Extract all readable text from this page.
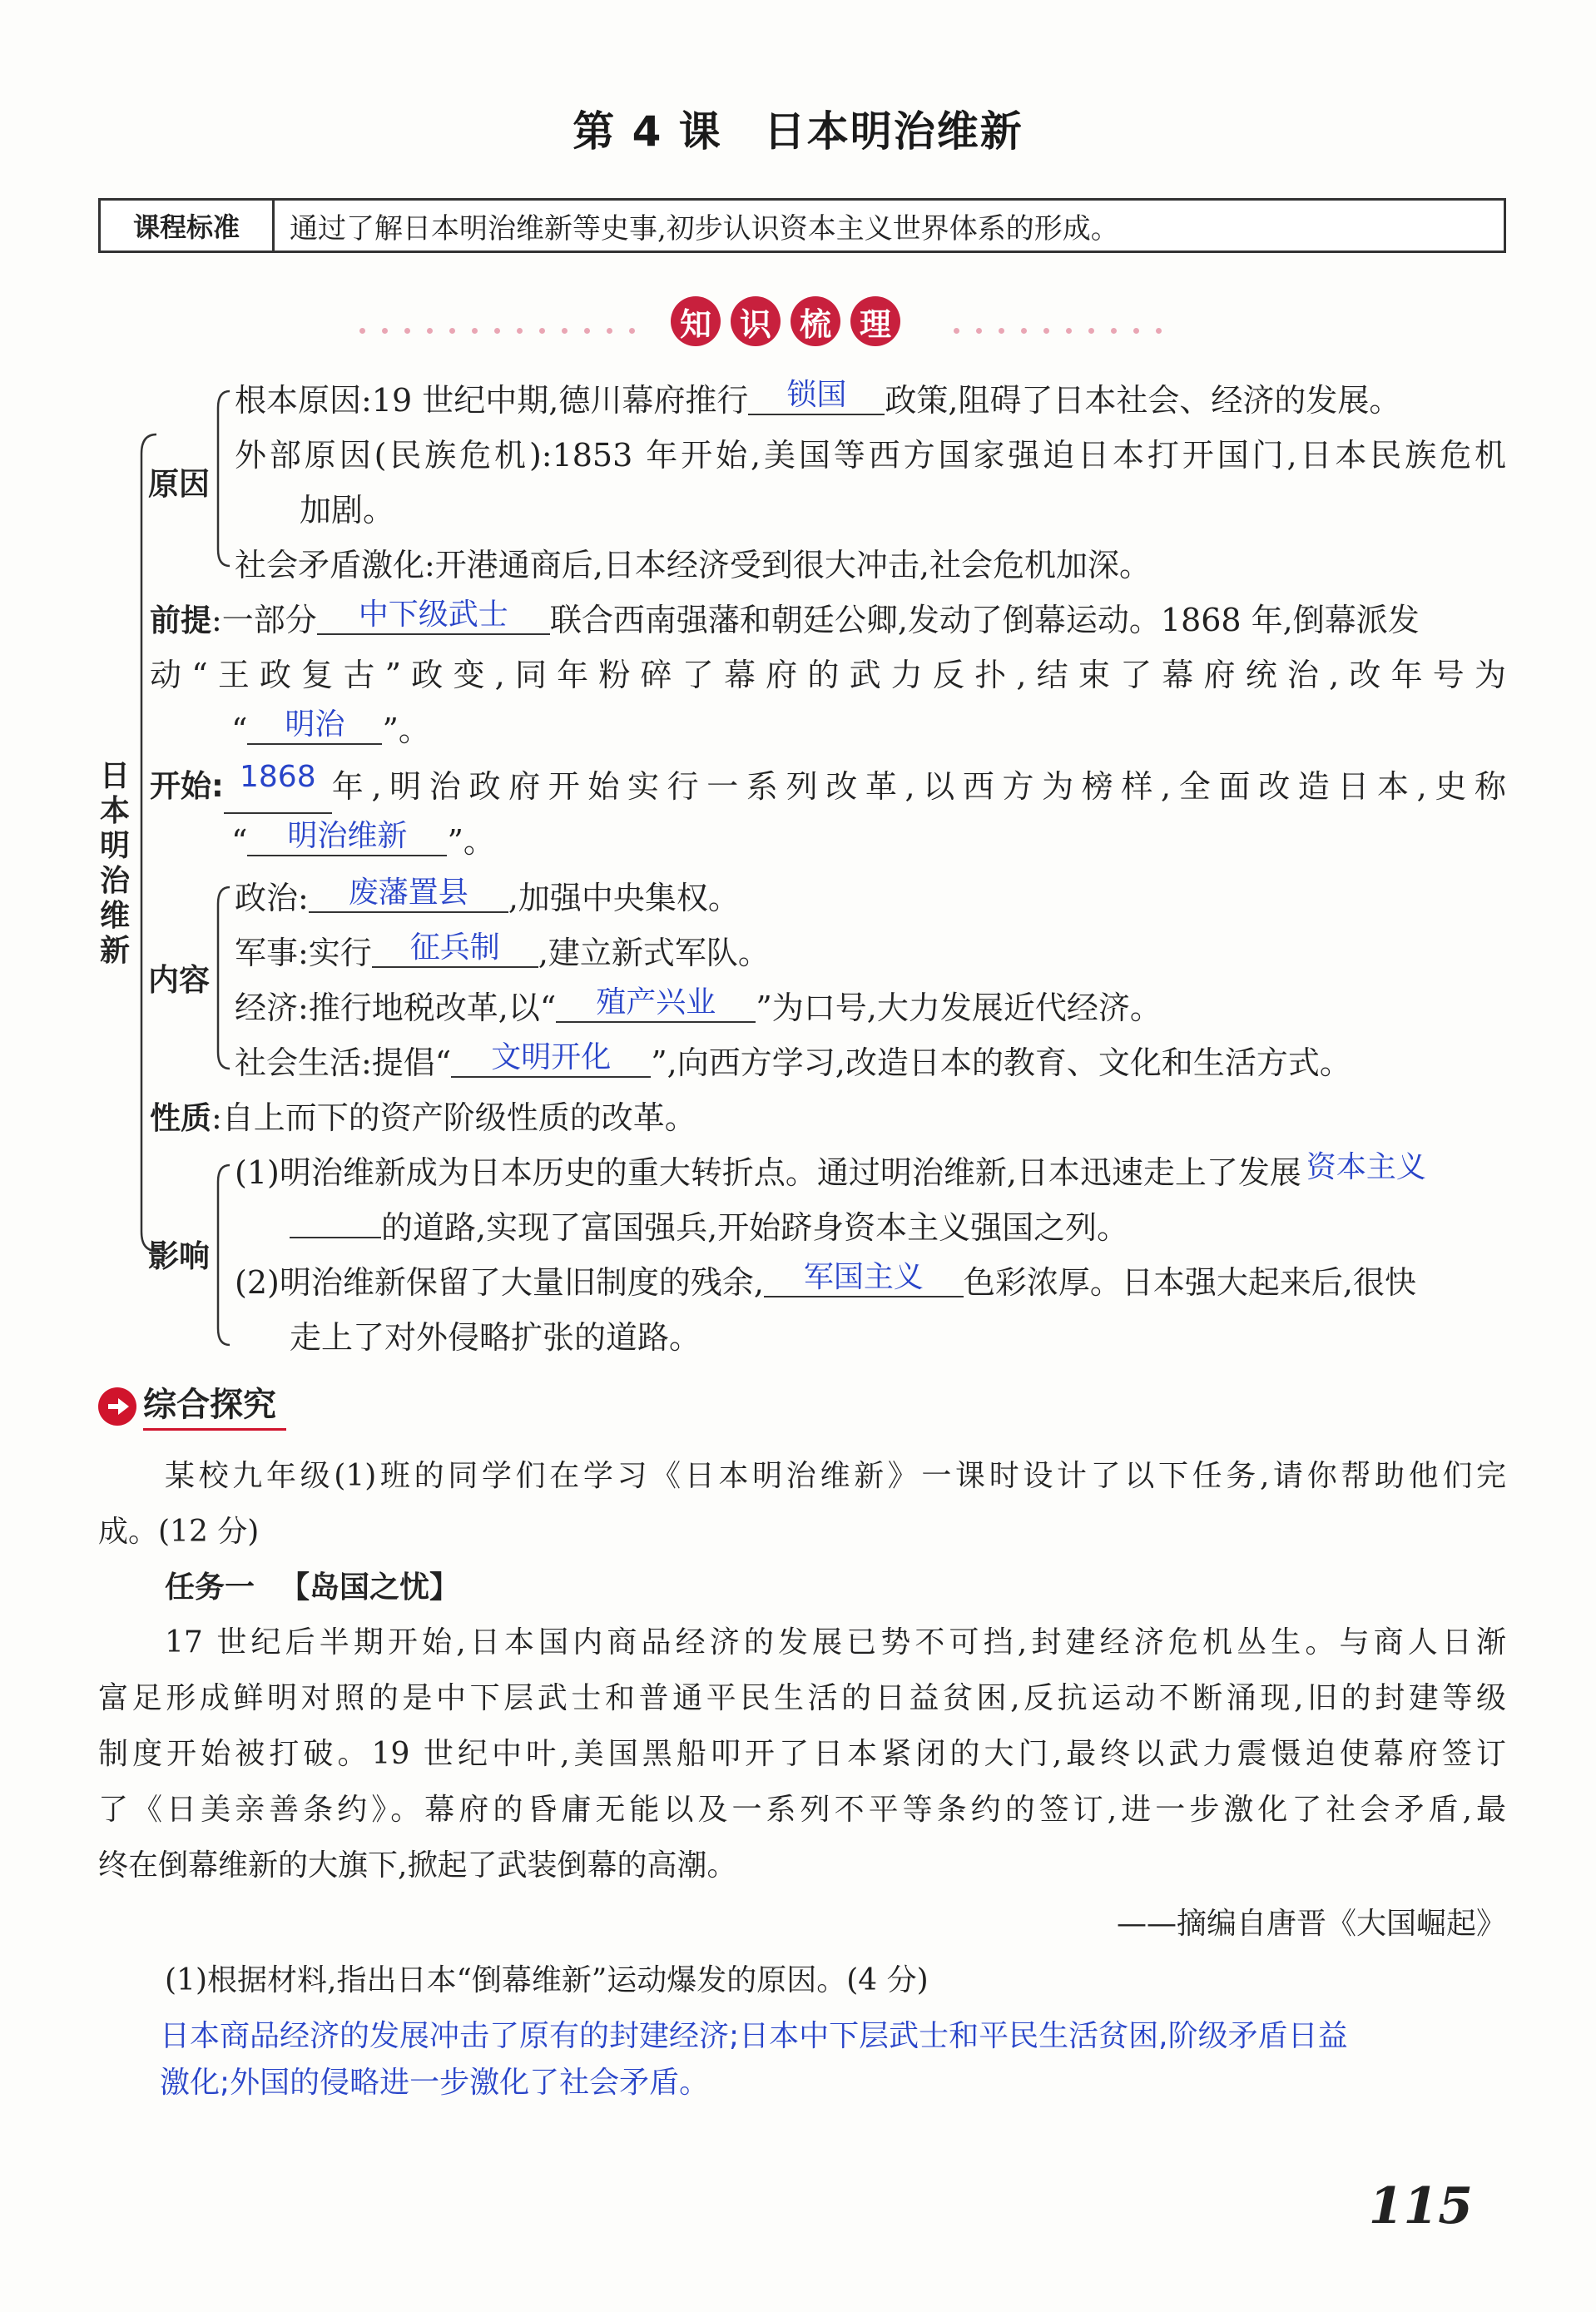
第 4 课 日本明治维新
课程标准	通过了解日本明治维新等史事,初步认识资本主义世界体系的形成。
知 识 梳 理
日本明治维新
原因
根本原因:19 世纪中期,德川幕府推行 锁国 政策,阻碍了日本社会、经济的发展。
外部原因(民族危机):1853 年开始,美国等西方国家强迫日本打开国门,日本民族危机
加剧。
社会矛盾激化:开港通商后,日本经济受到很大冲击,社会危机加深。
前提:一部分 中下级武士 联合西南强藩和朝廷公卿,发动了倒幕运动。1868 年,倒幕派发
动“王政复古”政变,同年粉碎了幕府的武力反扑,结束了幕府统治,改年号为
“ 明治 ”。
开始 : 1868 年,明治政府开始实行一系列改革,以西方为榜样,全面改造日本,史称
“ 明治维新 ”。
内容
政治: 废藩置县 ,加强中央集权。
军事:实行 征兵制 ,建立新式军队。
经济:推行地税改革,以“ 殖产兴业 ”为口号,大力发展近代经济。
社会生活:提倡“ 文明开化 ”,向西方学习,改造日本的教育、文化和生活方式。
性质:自上而下的资产阶级性质的改革。
影响
(1)明治维新成为日本历史的重大转折点。通过明治维新,日本迅速走上了发展 资本主义
的道路,实现了富国强兵,开始跻身资本主义强国之列。
(2)明治维新保留了大量旧制度的残余, 军国主义 色彩浓厚。日本强大起来后,很快
走上了对外侵略扩张的道路。
综合探究
某校九年级(1)班的同学们在学习《日本明治维新》一课时设计了以下任务,请你帮助他们完
成。(12 分)
任务一 【岛国之忧】
17 世纪后半期开始,日本国内商品经济的发展已势不可挡,封建经济危机丛生。与商人日渐
富足形成鲜明对照的是中下层武士和普通平民生活的日益贫困,反抗运动不断涌现,旧的封建等级
制度开始被打破。19 世纪中叶,美国黑船叩开了日本紧闭的大门,最终以武力震慑迫使幕府签订
了《日美亲善条约》。幕府的昏庸无能以及一系列不平等条约的签订,进一步激化了社会矛盾,最
终在倒幕维新的大旗下,掀起了武装倒幕的高潮。
——摘编自唐晋《大国崛起》
(1)根据材料,指出日本“倒幕维新”运动爆发的原因。(4 分)
日本商品经济的发展冲击了原有的封建经济;日本中下层武士和平民生活贫困,阶级矛盾日益
激化;外国的侵略进一步激化了社会矛盾。
115
